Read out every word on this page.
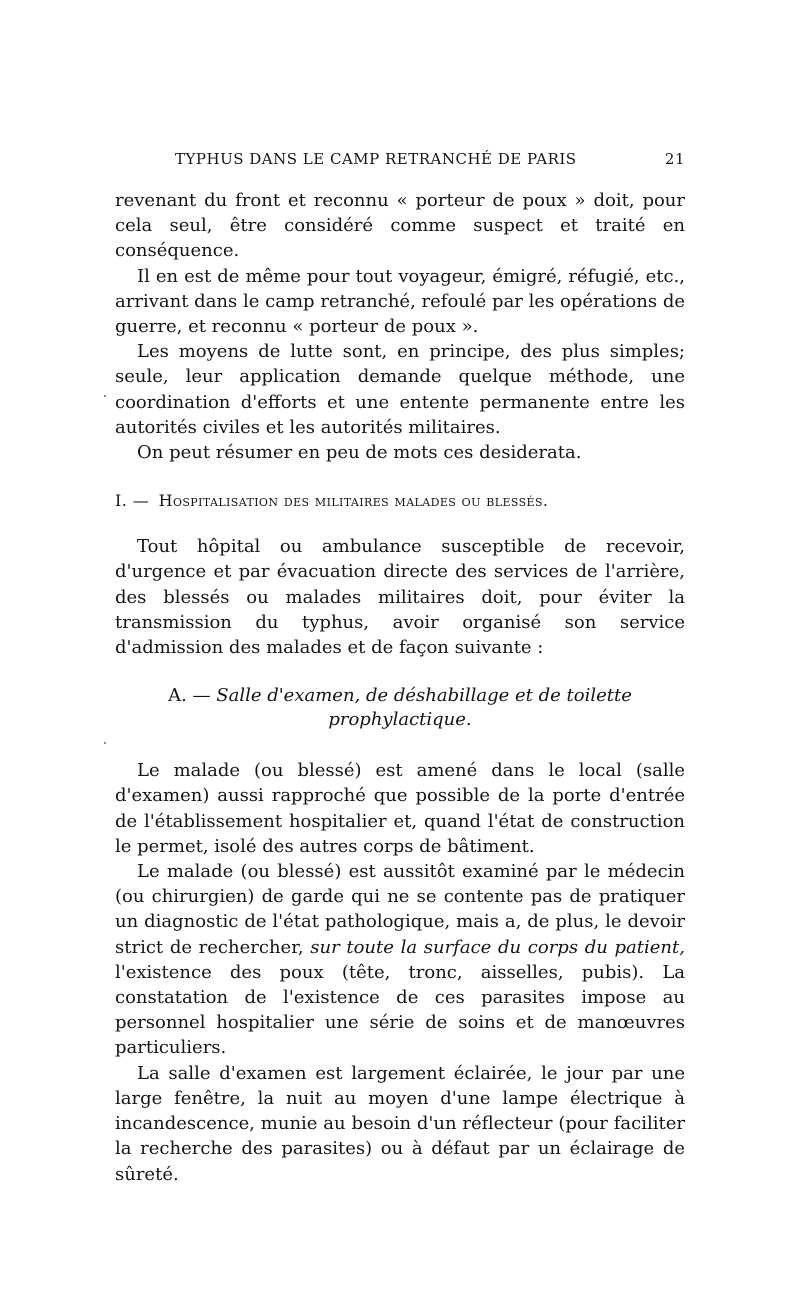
TYPHUS DANS LE CAMP RETRANCHÉ DE PARIS	21

revenant du front et reconnu « porteur de poux » doit, pour cela seul, être considéré comme suspect et traité en conséquence.

Il en est de même pour tout voyageur, émigré, réfugié, etc., arrivant dans le camp retranché, refoulé par les opérations de guerre, et reconnu « porteur de poux ».

Les moyens de lutte sont, en principe, des plus simples; seule, leur application demande quelque méthode, une coordination d'efforts et une entente permanente entre les autorités civiles et les autorités militaires.

On peut résumer en peu de mots ces desiderata.

I. — Hospitalisation des militaires malades ou blessés.

Tout hôpital ou ambulance susceptible de recevoir, d'urgence et par évacuation directe des services de l'arrière, des blessés ou malades militaires doit, pour éviter la transmission du typhus, avoir organisé son service d'admission des malades et de façon suivante :

A. — Salle d'examen, de déshabillage et de toilette
prophylactique.

Le malade (ou blessé) est amené dans le local (salle d'examen) aussi rapproché que possible de la porte d'entrée de l'établissement hospitalier et, quand l'état de construction le permet, isolé des autres corps de bâtiment.

Le malade (ou blessé) est aussitôt examiné par le médecin (ou chirurgien) de garde qui ne se contente pas de pratiquer un diagnostic de l'état pathologique, mais a, de plus, le devoir strict de rechercher, sur toute la surface du corps du patient, l'existence des poux (tête, tronc, aisselles, pubis). La constatation de l'existence de ces parasites impose au personnel hospitalier une série de soins et de manœuvres particuliers.

La salle d'examen est largement éclairée, le jour par une large fenêtre, la nuit au moyen d'une lampe électrique à incandescence, munie au besoin d'un réflecteur (pour faciliter la recherche des parasites) ou à défaut par un éclairage de sûreté.
